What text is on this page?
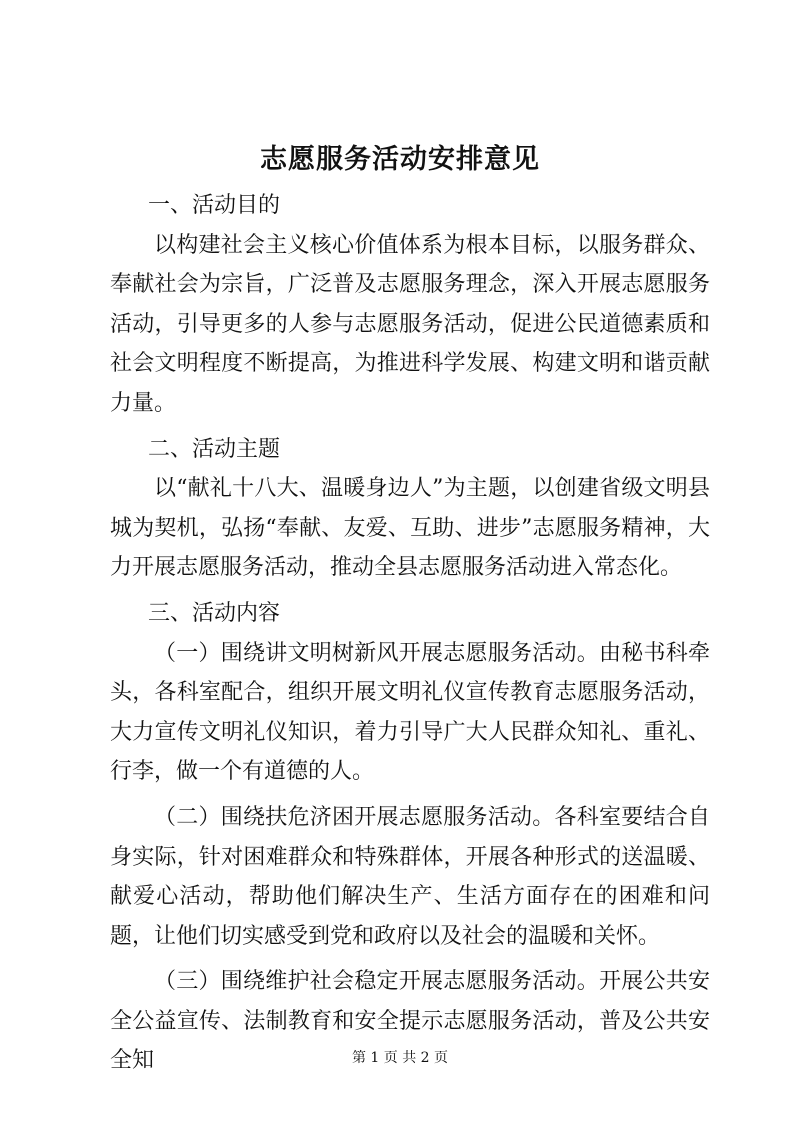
志愿服务活动安排意见

一、活动目的

以构建社会主义核心价值体系为根本目标，以服务群众、奉献社会为宗旨，广泛普及志愿服务理念，深入开展志愿服务活动，引导更多的人参与志愿服务活动，促进公民道德素质和社会文明程度不断提高，为推进科学发展、构建文明和谐贡献力量。

二、活动主题

以“献礼十八大、温暖身边人”为主题，以创建省级文明县城为契机，弘扬“奉献、友爱、互助、进步”志愿服务精神，大力开展志愿服务活动，推动全县志愿服务活动进入常态化。

三、活动内容

（一）围绕讲文明树新风开展志愿服务活动。由秘书科牵头，各科室配合，组织开展文明礼仪宣传教育志愿服务活动，大力宣传文明礼仪知识，着力引导广大人民群众知礼、重礼、行李，做一个有道德的人。

（二）围绕扶危济困开展志愿服务活动。各科室要结合自身实际，针对困难群众和特殊群体，开展各种形式的送温暖、献爱心活动，帮助他们解决生产、生活方面存在的困难和问题，让他们切实感受到党和政府以及社会的温暖和关怀。

（三）围绕维护社会稳定开展志愿服务活动。开展公共安全公益宣传、法制教育和安全提示志愿服务活动，普及公共安全知	第 1 页 共 2 页
